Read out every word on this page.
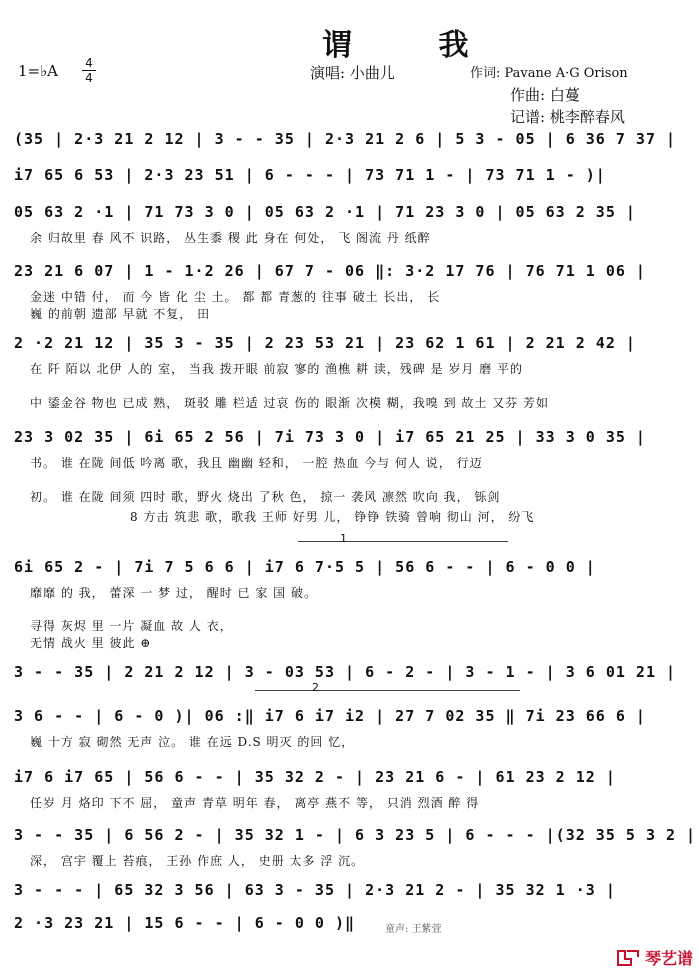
谓 我
1=♭A 4
4	演唱: 小曲儿	作词: Pavane A·G Orison
作曲: 白蔓
记谱: 桃李醉春风
(35 | 2·3 21 2 12 | 3 - - 35 | 2·3 21 2 6 | 5 3 - 05 | 6 36 7 37 |
i7 65 6 53 | 2·3 23 51 | 6 - - - | 73 71 1 - | 73 71 1 - )|
05 63 2 ·1 | 71 73 3 0 | 05 63 2 ·1 | 71 23 3 0 | 05 63 2 35 |
余 归故里 春 风不 识路， 丛生黍 稷 此 身在 何处， 飞 阁流 丹 纸醉
23 21 6 07 | 1 - 1·2 26 | 67 7 - 06 ‖: 3·2 17 76 | 76 71 1 06 |
金迷 中错 付， 而 今 皆 化 尘 土。 都 都 青葱的 往事 破土 长出， 长
巍 的前朝 遗部 早就 不复， 田
2 ·2 21 12 | 35 3 - 35 | 2 23 53 21 | 23 62 1 61 | 2 21 2 42 |
在 阡 陌以 北伊 人的 室， 当我 拨开眼 前寂 寥的 渔樵 耕 读，残碑 是 岁月 磨 平的
中 鋈金谷 物也 已成 熟， 斑驳 雕 栏适 过哀 伤的 眼渐 次模 糊，我嗅 到 故土 又芬 芳如
23 3 02 35 | 6i 65 2 56 | 7i 73 3 0 | i7 65 21 25 | 33 3 0 35 |
书。 谁 在陇 间低 吟离 歌，我且 幽幽 轻和， 一腔 热血 今与 何人 说， 行迈
初。 谁 在陇 间须 四时 歌，野火 烧出 了秋 色， 掠一 袭风 凛然 吹向 我， 铄剑
8 方击 筑悲 歌，歌我 王师 好男 儿， 铮铮 铁骑 曾响 彻山 河， 纷飞
1
6i 65 2 - | 7i 7 5 6 6 | i7 6 7·5 5 | 56 6 - - | 6 - 0 0 |
靡靡 的 我， 蕾深 一 梦 过， 醒时 已 家 国 破。
寻得 灰烬 里 一片 凝血 故 人 衣，
无情 战火 里 彼此 ⊕
3 - - 35 | 2 21 2 12 | 3 - 03 53 | 6 - 2 - | 3 - 1 - | 3 6 01 21 |
2
3 6 - - | 6 - 0 )| 06 :‖ i7 6 i7 i2 | 27 7 02 35 ‖ 7i 23 66 6 |
巍 十方 寂 砌然 无声 泣。 谁 在远 D.S 明灭 的回 忆，
i7 6 i7 65 | 56 6 - - | 35 32 2 - | 23 21 6 - | 61 23 2 12 |
任岁 月 烙印 下不 屈， 童声 青草 明年 春， 离亭 燕不 等， 只消 烈酒 醉 得
3 - - 35 | 6 56 2 - | 35 32 1 - | 6 3 23 5 | 6 - - - |(32 35 5 3 2 |
深， 宫宇 覆上 苔痕， 王孙 作庶 人， 史册 太多 浮 沉。
3 - - - | 65 32 3 56 | 63 3 - 35 | 2·3 21 2 - | 35 32 1 ·3 |
2 ·3 23 21 | 15 6 - - | 6 - 0 0 )‖	童声: 王紫萱
琴艺谱
